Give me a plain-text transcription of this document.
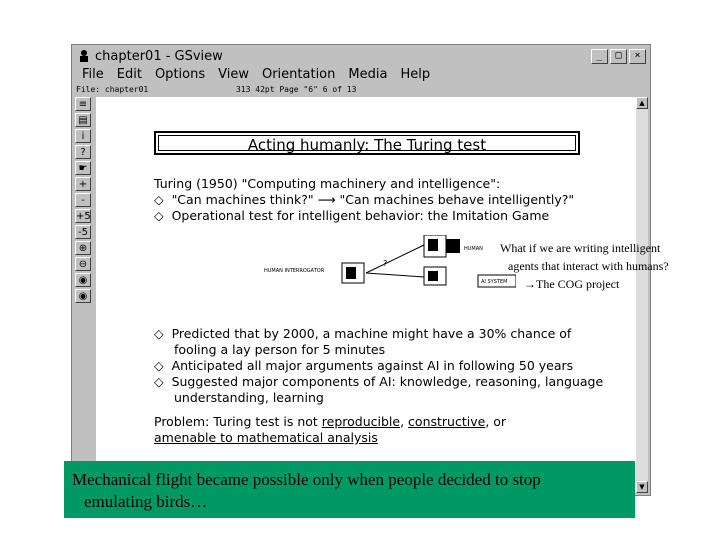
chapter01 - GSview	_	□	×
File Edit Options View Orientation Media Help
File: chapter01	313 42pt Page "6" 6 of 13
≡
▤
i
?
☛
+
-
+5
-5
⊕
⊖
◉
◉
Acting humanly: The Turing test
Turing (1950) "Computing machinery and intelligence":
◇  "Can machines think?" ⟶ "Can machines behave intelligently?"
◇  Operational test for intelligent behavior: the Imitation Game
HUMAN INTERROGATOR
HUMAN
AI SYSTEM
?
◇  Predicted that by 2000, a machine might have a 30% chance of
fooling a lay person for 5 minutes
◇  Anticipated all major arguments against AI in following 50 years
◇  Suggested major components of AI: knowledge, reasoning, language
understanding, learning
Problem: Turing test is not reproducible, constructive, or
amenable to mathematical analysis
▲
▼
What if we are writing intelligent
agents that interact with humans?
→The COG project
Mechanical flight became possible only when people decided to stop
emulating birds…
